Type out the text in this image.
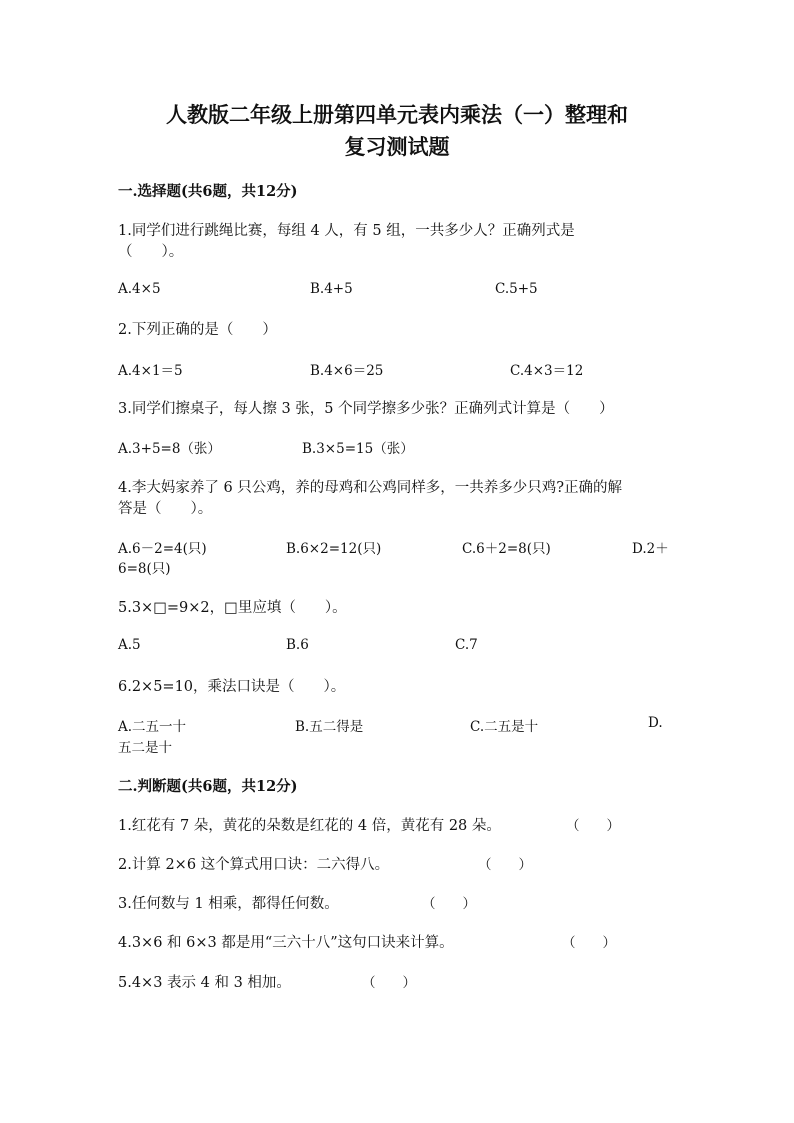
人教版二年级上册第四单元表内乘法（一）整理和
复习测试题
一.选择题(共6题，共12分)
1.同学们进行跳绳比赛，每组 4 人，有 5 组，一共多少人？正确列式是
（　　）。
A.4×5	B.4+5	C.5+5
2.下列正确的是（　　）
A.4×1＝5	B.4×6＝25	C.4×3＝12
3.同学们擦桌子，每人擦 3 张，5 个同学擦多少张？正确列式计算是（　　）
A.3+5=8（张）	B.3×5=15（张）
4.李大妈家养了 6 只公鸡，养的母鸡和公鸡同样多，一共养多少只鸡?正确的解
答是（　　）。
A.6－2=4(只)	B.6×2=12(只)	C.6＋2=8(只)	D.2＋
6=8(只)
5.3×□=9×2，□里应填（　　）。
A.5	B.6	C.7
6.2×5=10，乘法口诀是（　　）。
A.二五一十	B.五二得是	C.二五是十	D.
五二是十
二.判断题(共6题，共12分)
1.红花有 7 朵，黄花的朵数是红花的 4 倍，黄花有 28 朵。	（　　）
2.计算 2×6 这个算式用口诀：二六得八。	（　　）
3.任何数与 1 相乘，都得任何数。	（　　）
4.3×6 和 6×3 都是用“三六十八”这句口诀来计算。	（　　）
5.4×3 表示 4 和 3 相加。	（　　）
